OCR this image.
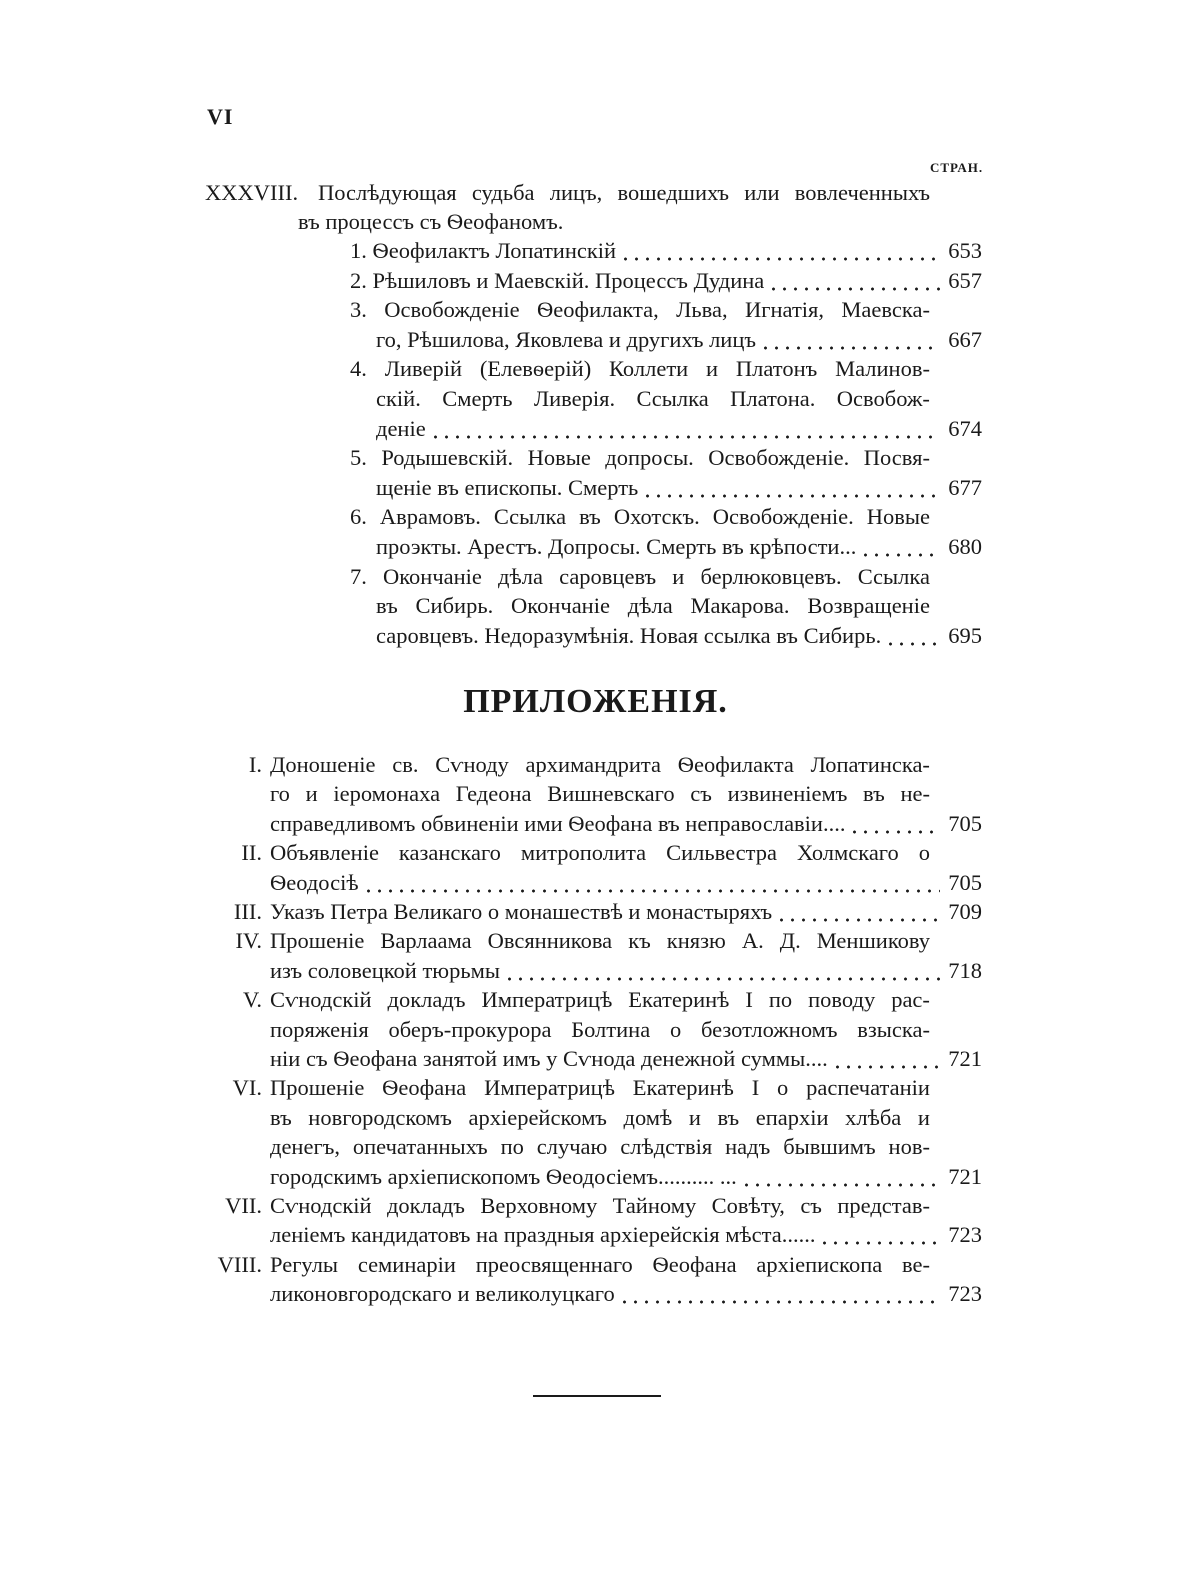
VI
СТРАН.
XXXVIII. Послѣдующая судьба лицъ, вошедшихъ или вовлеченныхъ
въ процессъ съ Ѳеофаномъ.
1. Ѳеофилактъ Лопатинскій	653
2. Рѣшиловъ и Маевскій. Процессъ Дудина	657
3. Освобожденіе Ѳеофилакта, Льва, Игнатія, Маевска-
го, Рѣшилова, Яковлева и другихъ лицъ	667
4. Ливерій (Елевѳерій) Коллети и Платонъ Малинов-
скій. Смерть Ливерія. Ссылка Платона. Освобож-
деніе	674
5. Родышевскій. Новые допросы. Освобожденіе. Посвя-
щеніе въ епископы. Смерть	677
6. Аврамовъ. Ссылка въ Охотскъ. Освобожденіе. Новые
проэкты. Арестъ. Допросы. Смерть въ крѣпости...	680
7. Окончаніе дѣла саровцевъ и берлюковцевъ. Ссылка
въ Сибирь. Окончаніе дѣла Макарова. Возвращеніе
саровцевъ. Недоразумѣнія. Новая ссылка въ Сибирь.	695
ПРИЛОЖЕНІЯ.
I. Доношеніе св. Сѵноду архимандрита Ѳеофилакта Лопатинска-
го и іеромонаха Гедеона Вишневскаго съ извиненіемъ въ не-
справедливомъ обвиненіи ими Ѳеофана въ неправославіи....	705
II. Объявленіе казанскаго митрополита Сильвестра Холмскаго о
Ѳеодосіѣ	705
III. Указъ Петра Великаго о монашествѣ и монастыряхъ	709
IV. Прошеніе Варлаама Овсянникова къ князю А. Д. Меншикову
изъ соловецкой тюрьмы	718
V. Сѵнодскій докладъ Императрицѣ Екатеринѣ I по поводу рас-
поряженія оберъ-прокурора Болтина о безотложномъ взыска-
ніи съ Ѳеофана занятой имъ у Сѵнода денежной суммы....	721
VI. Прошеніе Ѳеофана Императрицѣ Екатеринѣ I о распечатаніи
въ новгородскомъ архіерейскомъ домѣ и въ епархіи хлѣба и
денегъ, опечатанныхъ по случаю слѣдствія надъ бывшимъ нов-
городскимъ архіепископомъ Ѳеодосіемъ.......... ...	721
VII. Сѵнодскій докладъ Верховному Тайному Совѣту, съ представ-
леніемъ кандидатовъ на праздныя архіерейскія мѣста......	723
VIII. Регулы семинаріи преосвященнаго Ѳеофана архіепископа ве-
ликоновгородскаго и великолуцкаго	723
